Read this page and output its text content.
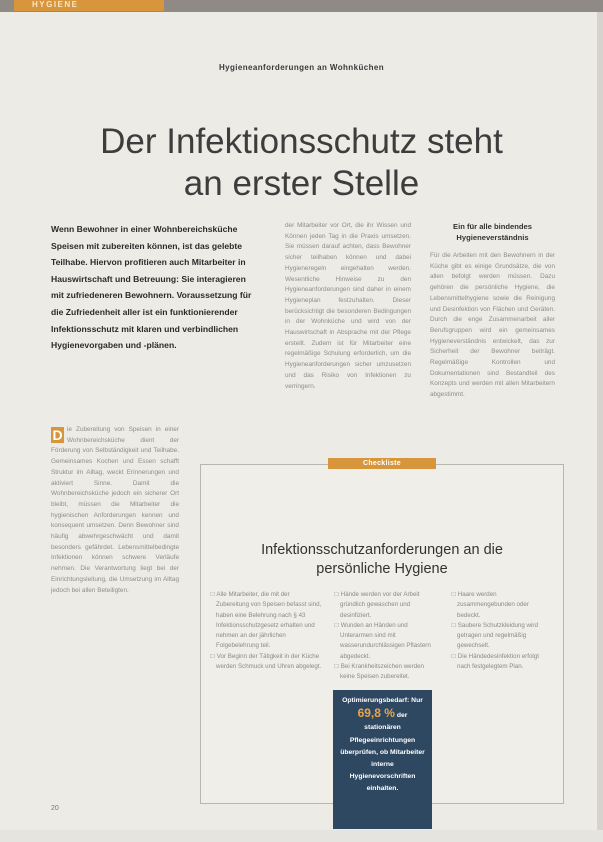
HYGIENE
Hygieneanforderungen an Wohnküchen
Der Infektionsschutz steht
an erster Stelle
Wenn Bewohner in einer Wohnbereichsküche Speisen mit zubereiten können, ist das gelebte Teilhabe. Hiervon profitieren auch Mitarbeiter in Hauswirtschaft und Betreuung: Sie interagieren mit zufriedeneren Bewohnern. Voraussetzung für die Zufriedenheit aller ist ein funktionierender Infektionsschutz mit klaren und verbindlichen Hygienevorgaben und -plänen.
D ie Zubereitung von Speisen in einer Wohnbereichsküche dient der Förderung von Selbständigkeit und Teilhabe. Gemeinsames Kochen und Essen schafft Struktur im Alltag, weckt Erinnerungen und aktiviert Sinne. Damit die Wohnbereichsküche jedoch ein sicherer Ort bleibt, müssen die Mitarbeiter die hygienischen Anforderungen kennen und konsequent umsetzen. Denn Bewohner sind häufig abwehrgeschwächt und damit besonders gefährdet. Lebensmittelbedingte Infektionen können schwere Verläufe nehmen. Die Verantwortung liegt bei der Einrichtungsleitung, die Umsetzung im Alltag jedoch bei allen Beteiligten.
der Mitarbeiter vor Ort, die ihr Wissen und Können jeden Tag in die Praxis umsetzen. Sie müssen darauf achten, dass Bewohner sicher teilhaben können und dabei Hygieneregeln eingehalten werden. Wesentliche Hinweise zu den Hygieneanforderungen sind daher in einem Hygieneplan festzuhalten. Dieser berücksichtigt die besonderen Bedingungen in der Wohnküche und wird von der Hauswirtschaft in Absprache mit der Pflege erstellt. Zudem ist für Mitarbeiter eine regelmäßige Schulung erforderlich, um die Hygieneanforderungen sicher umzusetzen und das Risiko von Infektionen zu verringern.
Ein für alle bindendes
Hygieneverständnis
Für die Arbeiten mit den Bewohnern in der Küche gibt es einige Grundsätze, die von allen befolgt werden müssen. Dazu gehören die persönliche Hygiene, die Lebensmittelhygiene sowie die Reinigung und Desinfektion von Flächen und Geräten. Durch die enge Zusammenarbeit aller Berufsgruppen wird ein gemeinsames Hygieneverständnis entwickelt, das zur Sicherheit der Bewohner beiträgt. Regelmäßige Kontrollen und Dokumentationen sind Bestandteil des Konzepts und werden mit allen Mitarbeitern abgestimmt.
Checkliste
Infektionsschutzanforderungen an die
persönliche Hygiene

☐ Alle Mitarbeiter, die mit der Zubereitung von Speisen befasst sind, haben eine Belehrung nach § 43 Infektionsschutzgesetz erhalten und nehmen an der jährlichen Folgebelehrung teil.

☐ Vor Beginn der Tätigkeit in der Küche werden Schmuck und Uhren abgelegt.

☐ Hände werden vor der Arbeit gründlich gewaschen und desinfiziert.

☐ Wunden an Händen und Unterarmen sind mit wasserundurchlässigen Pflastern abgedeckt.

☐ Bei Krankheitszeichen werden keine Speisen zubereitet.

☐ Haare werden zusammengebunden oder bedeckt.

☐ Saubere Schutzkleidung wird getragen und regelmäßig gewechselt.

☐ Die Händedesinfektion erfolgt nach festgelegtem Plan.

Optimierungsbedarf: Nur 69,8 % der stationären Pflegeeinrichtungen überprüfen, ob Mitarbeiter interne Hygienevorschriften einhalten.
20
